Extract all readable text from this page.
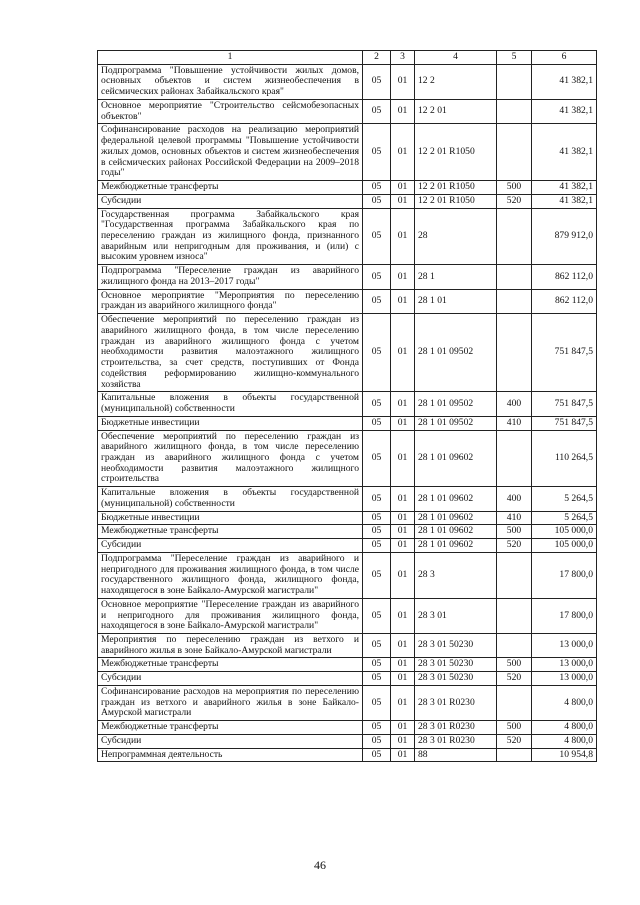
1	2	3	4	5	6
Подпрограмма "Повышение устойчивости жилых домов, основных объектов и систем жизнеобеспечения в сейсмических районах Забайкальского края"	05	01	12 2		41 382,1
Основное мероприятие "Строительство сейсмобезопасных объектов"	05	01	12 2 01		41 382,1
Софинансирование расходов на реализацию мероприятий федеральной целевой программы "Повышение устойчивости жилых домов, основных объектов и систем жизнеобеспечения в сейсмических районах Российской Федерации на 2009–2018 годы"	05	01	12 2 01 R1050		41 382,1
Межбюджетные трансферты	05	01	12 2 01 R1050	500	41 382,1
Субсидии	05	01	12 2 01 R1050	520	41 382,1
Государственная программа Забайкальского края "Государственная программа Забайкальского края по переселению граждан из жилищного фонда, признанного аварийным или непригодным для проживания, и (или) с высоким уровнем износа"	05	01	28		879 912,0
Подпрограмма "Переселение граждан из аварийного жилищного фонда на 2013–2017 годы"	05	01	28 1		862 112,0
Основное мероприятие "Мероприятия по переселению граждан из аварийного жилищного фонда"	05	01	28 1 01		862 112,0
Обеспечение мероприятий по переселению граждан из аварийного жилищного фонда, в том числе переселению граждан из аварийного жилищного фонда с учетом необходимости развития малоэтажного жилищного строительства, за счет средств, поступивших от Фонда содействия реформированию жилищно-коммунального хозяйства	05	01	28 1 01 09502		751 847,5
Капитальные вложения в объекты государственной (муниципальной) собственности	05	01	28 1 01 09502	400	751 847,5
Бюджетные инвестиции	05	01	28 1 01 09502	410	751 847,5
Обеспечение мероприятий по переселению граждан из аварийного жилищного фонда, в том числе переселению граждан из аварийного жилищного фонда с учетом необходимости развития малоэтажного жилищного строительства	05	01	28 1 01 09602		110 264,5
Капитальные вложения в объекты государственной (муниципальной) собственности	05	01	28 1 01 09602	400	5 264,5
Бюджетные инвестиции	05	01	28 1 01 09602	410	5 264,5
Межбюджетные трансферты	05	01	28 1 01 09602	500	105 000,0
Субсидии	05	01	28 1 01 09602	520	105 000,0
Подпрограмма "Переселение граждан из аварийного и непригодного для проживания жилищного фонда, в том числе государственного жилищного фонда, жилищного фонда, находящегося в зоне Байкало-Амурской магистрали"	05	01	28 3		17 800,0
Основное мероприятие "Переселение граждан из аварийного и непригодного для проживания жилищного фонда, находящегося в зоне Байкало-Амурской магистрали"	05	01	28 3 01		17 800,0
Мероприятия по переселению граждан из ветхого и аварийного жилья в зоне Байкало-Амурской магистрали	05	01	28 3 01 50230		13 000,0
Межбюджетные трансферты	05	01	28 3 01 50230	500	13 000,0
Субсидии	05	01	28 3 01 50230	520	13 000,0
Софинансирование расходов на мероприятия по переселению граждан из ветхого и аварийного жилья в зоне Байкало-Амурской магистрали	05	01	28 3 01 R0230		4 800,0
Межбюджетные трансферты	05	01	28 3 01 R0230	500	4 800,0
Субсидии	05	01	28 3 01 R0230	520	4 800,0
Непрограммная деятельность	05	01	88		10 954,8
46
